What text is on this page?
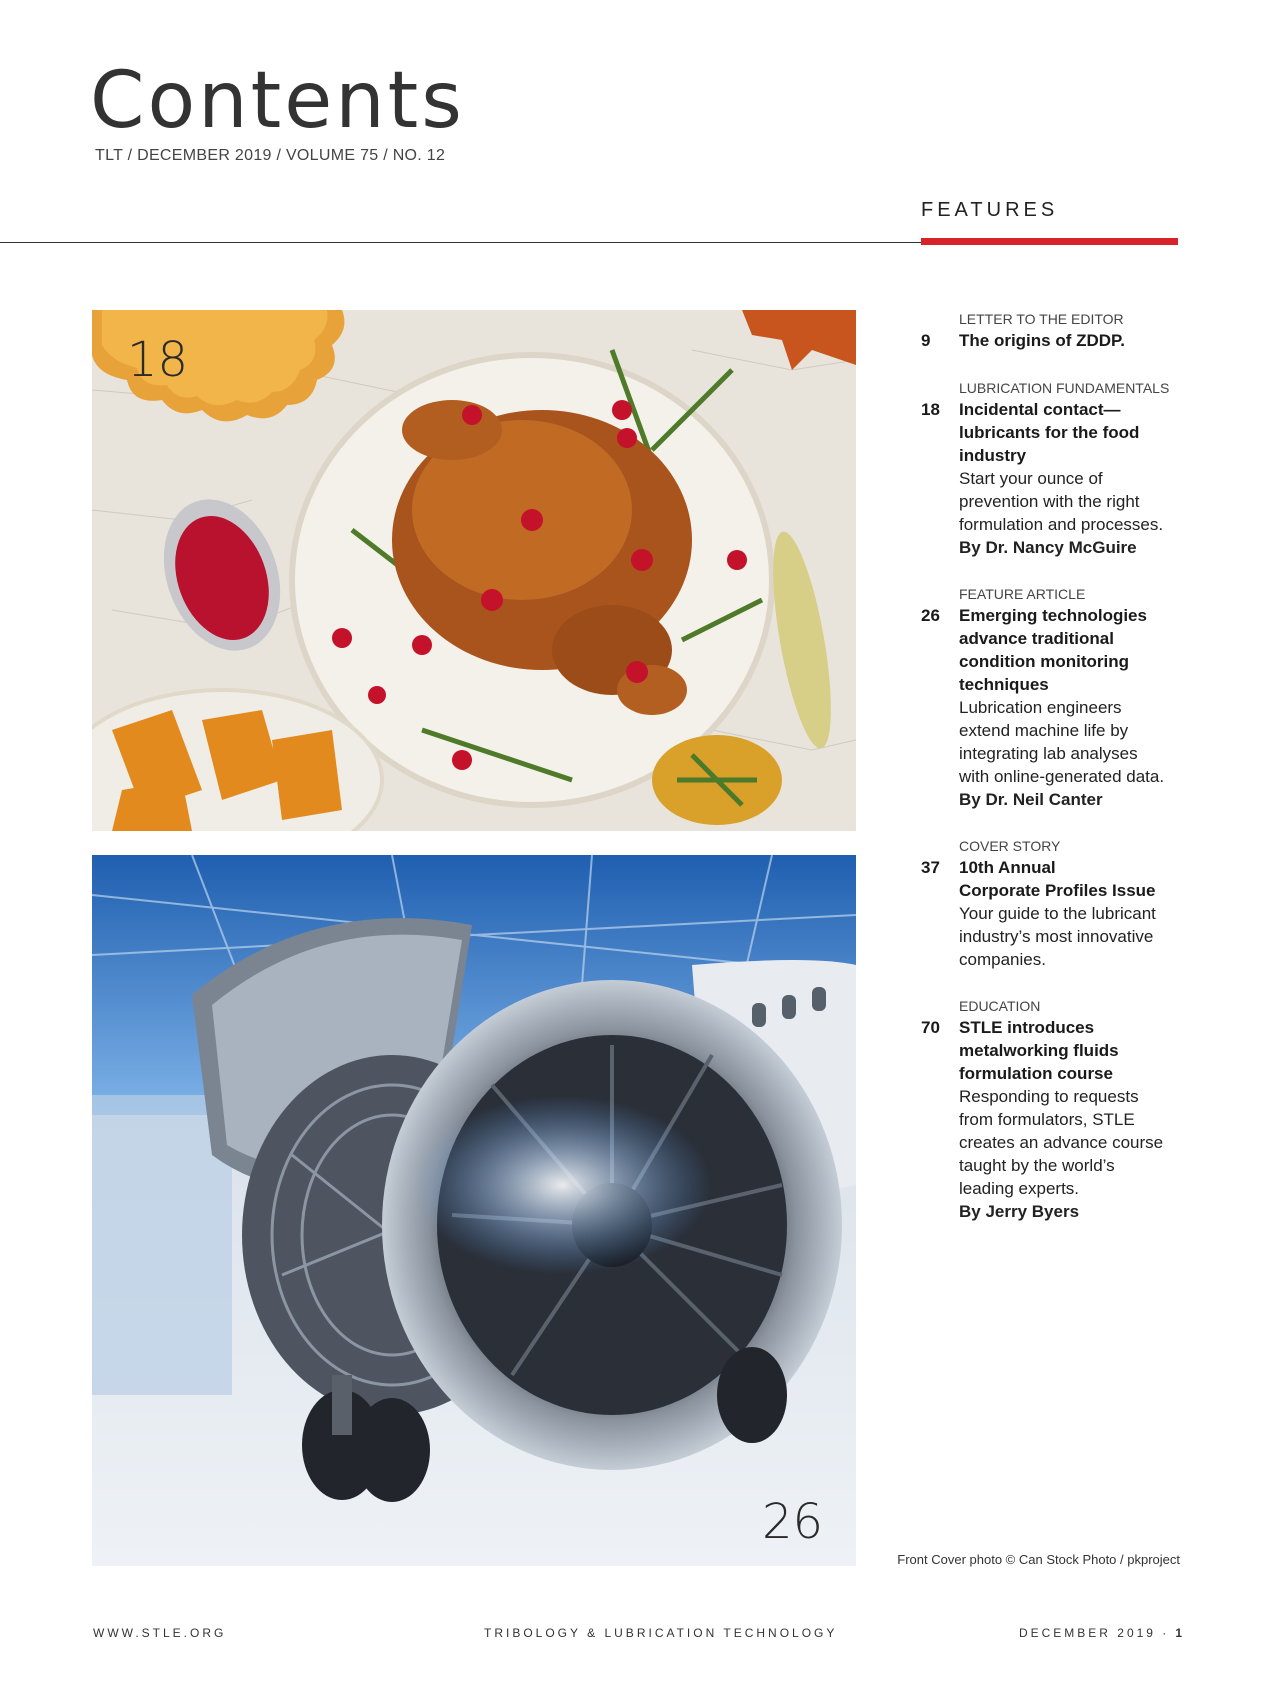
Contents
TLT / DECEMBER 2019 / VOLUME 75 / NO. 12
FEATURES
18
26
LETTER TO THE EDITOR
9	The origins of ZDDP.
LUBRICATION FUNDAMENTALS
18	Incidental contact—
lubricants for the food
industry
Start your ounce of
prevention with the right
formulation and processes.
By Dr. Nancy McGuire
FEATURE ARTICLE
26	Emerging technologies
advance traditional
condition monitoring
techniques
Lubrication engineers
extend machine life by
integrating lab analyses
with online-generated data.
By Dr. Neil Canter
COVER STORY
37	10th Annual
Corporate Profiles Issue
Your guide to the lubricant
industry’s most innovative
companies.
EDUCATION
70	STLE introduces
metalworking fluids
formulation course
Responding to requests
from formulators, STLE
creates an advance course
taught by the world’s
leading experts.
By Jerry Byers
Front Cover photo © Can Stock Photo / pkproject
WWW.STLE.ORG	TRIBOLOGY & LUBRICATION TECHNOLOGY	DECEMBER 2019 · 1
